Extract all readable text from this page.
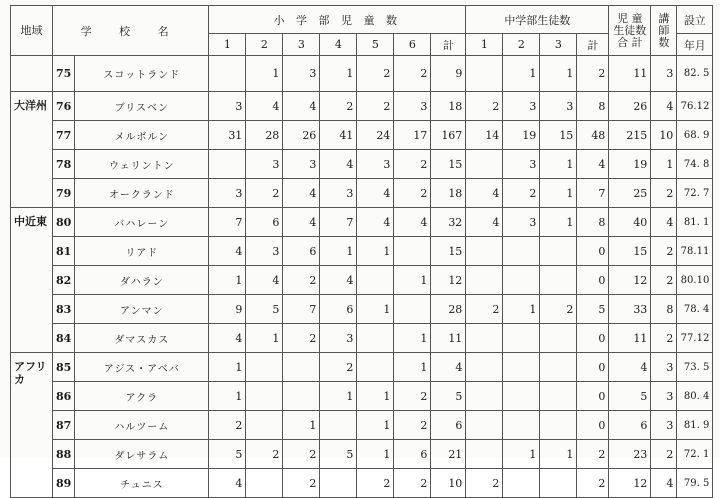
地域	学 校 名		小 学 部 児 童 数							中学部生徒数				児 童 生徒数 合 計	講 師 数	設立
			1	2	3	4	5	6	計	1	2	3	計			年月
	75	スコットランド		1	3	1	2	2	9		1	1	2	11	3	82. 5
大洋州	76	ブリスベン	3	4	4	2	2	3	18	2	3	3	8	26	4	76.12
	77	メルボルン	31	28	26	41	24	17	167	14	19	15	48	215	10	68. 9
	78	ウェリントン		3	3	4	3	2	15		3	1	4	19	1	74. 8
	79	オークランド	3	2	4	3	4	2	18	4	2	1	7	25	2	72. 7
中近東	80	バハレーン	7	6	4	7	4	4	32	4	3	1	8	40	4	81. 1
	81	リアド	4	3	6	1	1		15				0	15	2	78.11
	82	ダハラン	1	4	2	4		1	12				0	12	2	80.10
	83	アンマン	9	5	7	6	1		28	2	1	2	5	33	8	78. 4
	84	ダマスカス	4	1	2	3		1	11				0	11	2	77.12
アフリカ	85	アジス・アベバ	1			2		1	4				0	4	3	73. 5
	86	アクラ	1			1	1	2	5				0	5	3	80. 4
	87	ハルツーム	2		1		1	2	6				0	6	3	81. 9
	88	ダレサラム	5	2	2	5	1	6	21		1	1	2	23	2	72. 1
	89	チュニス	4		2		2	2	10	2			2	12	4	79. 5
